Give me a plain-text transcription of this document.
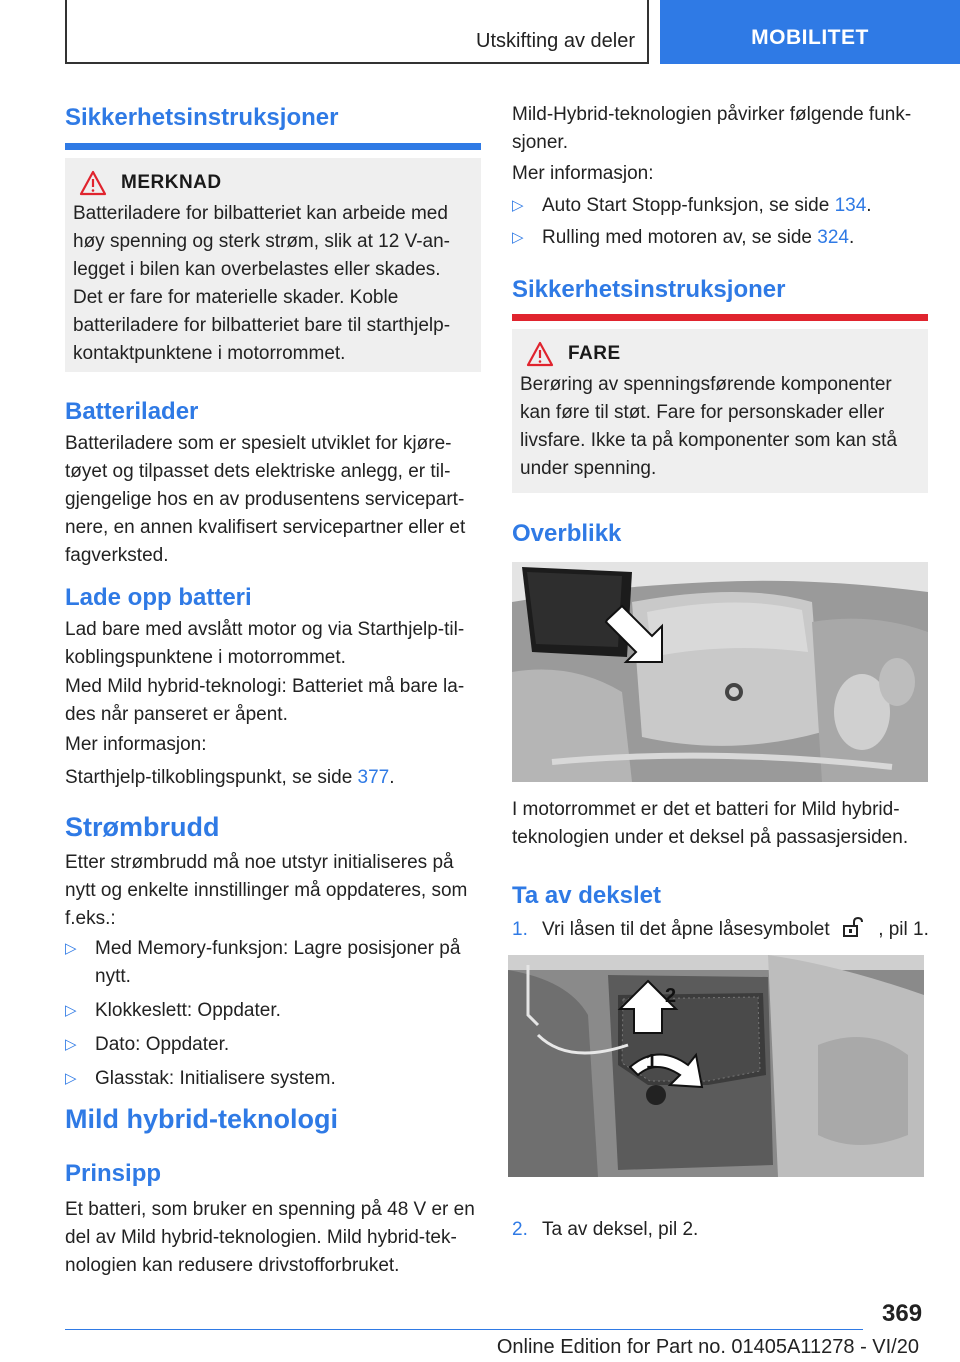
Utskifting av deler	MOBILITET
Sikkerhetsinstruksjoner
MERKNAD

Batteriladere for bilbatteriet kan arbeide med høy spenning og sterk strøm, slik at 12 V-anlegget i bilen kan overbelastes eller skades. Det er fare for materielle skader. Koble batteriladere for bilbatteriet bare til starthjelp-kontaktpunktene i motorrommet.

Batterilader

Batteriladere som er spesielt utviklet for kjøretøyet og tilpasset dets elektriske anlegg, er tilgjengelige hos en av produsentens servicepartnere, en annen kvalifisert servicepartner eller et fagverksted.

Lade opp batteri

Lad bare med avslått motor og via Starthjelp-tilkoblingspunktene i motorrommet.

Med Mild hybrid-teknologi: Batteriet må bare lades når panseret er åpent.

Mer informasjon:

Starthjelp-tilkoblingspunkt, se side 377.

Strømbrudd

Etter strømbrudd må noe utstyr initialiseres på nytt og enkelte innstillinger må oppdateres, som f.eks.:

▷ Med Memory-funksjon: Lagre posisjoner på nytt.
▷ Klokkeslett: Oppdater.
▷ Dato: Oppdater.
▷ Glasstak: Initialisere system.
Mild hybrid-teknologi
Prinsipp

Et batteri, som bruker en spenning på 48 V er en del av Mild hybrid-teknologien. Mild hybrid-teknologien kan redusere drivstofforbruket.

Mild-Hybrid-teknologien påvirker følgende funksjoner.

Mer informasjon:

▷ Auto Start Stopp-funksjon, se side 134.
▷ Rulling med motoren av, se side 324.
Sikkerhetsinstruksjoner
FARE

Berøring av spenningsførende komponenter kan føre til støt. Fare for personskader eller livsfare. Ikke ta på komponenter som kan stå under spenning.

Overblikk

I motorrommet er det et batteri for Mild hybrid-teknologien under et deksel på passasjersiden.

Ta av dekslet
1. Vri låsen til det åpne låsesymbolet	, pil 1.
2
1
2. Ta av deksel, pil 2.
369
Online Edition for Part no. 01405A11278 - VI/20
